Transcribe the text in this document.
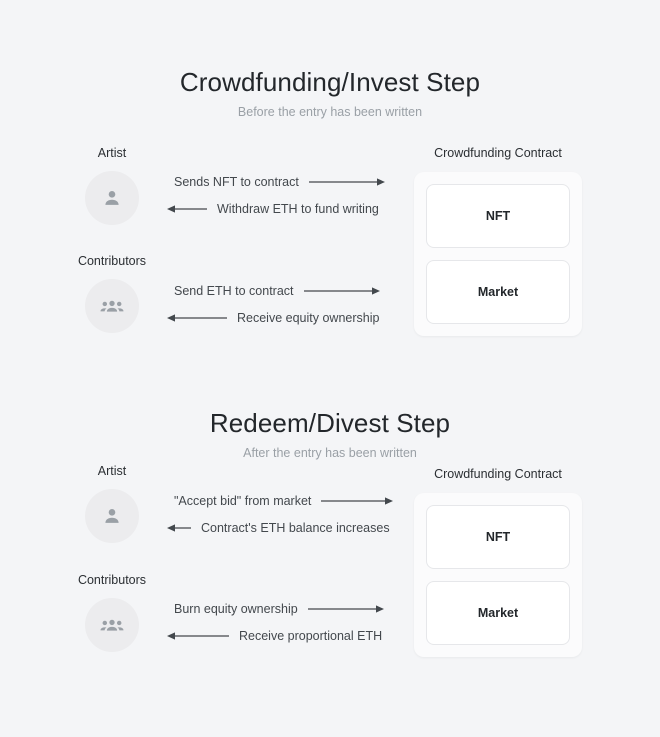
Crowdfunding/Invest Step
Before the entry has been written
Artist
Sends NFT to contract
Withdraw ETH to fund writing
Contributors
Send ETH to contract
Receive equity ownership
Crowdfunding Contract
NFT
Market
Redeem/Divest Step
After the entry has been written
Artist
"Accept bid" from market
Contract's ETH balance increases
Contributors
Burn equity ownership
Receive proportional ETH
Crowdfunding Contract
NFT
Market
